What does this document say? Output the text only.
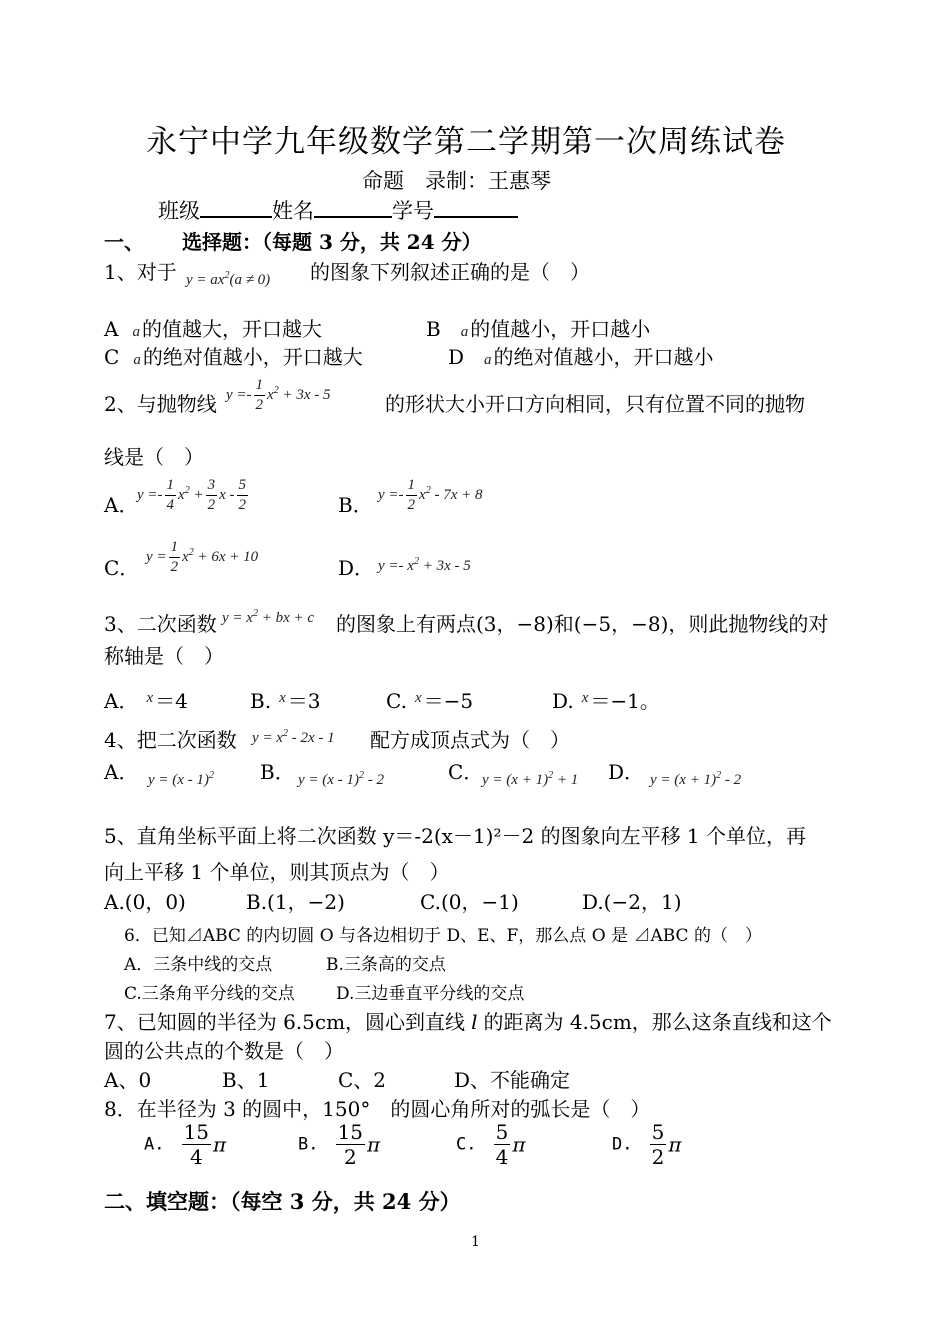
永宁中学九年级数学第二学期第一次周练试卷
命题　录制：王惠琴
班级	姓名	学号
一、 选择题：（每题 3 分，共 24 分）
1、对于 $y = ax^2(a \ne 0)$ 的图象下列叙述正确的是（　）
A a 的值越大，开口越大	B a 的值越小，开口越小
C a 的绝对值越小，开口越大	D a 的绝对值越小，开口越小
2、与抛物线 $y =- \frac{1}{2} x^2 + 3x - 5$	的形状大小开口方向相同，只有位置不同的抛物
线是（　）
A．
$y =- \frac{1}{4} x^2 + \frac{3}{2}$ x - $\frac{5}{2}$	B． $y =- \frac{1}{2} x^2 - 7x + 8$
C． $y = \frac{1}{2} x^2 + 6x + 10$	D． $y =- x^2 + 3x - 5$
3、二次函数 $y = x^2$ + bx + c 的图象上有两点(3，−8)和(−5，−8)，则此抛物线的对
称轴是（　）
A． $^x$ ＝4	B. $^x$ ＝3	C. $^x$ ＝−5	D. $^x$ ＝−1。
4、把二次函数 $y = x^2 - 2x - 1$ 配方成顶点式为（　）
A． y = (x - 1)$^2$ B． y = (x - 1)$^2$ - 2	C．
$y = (x + 1)^2 + 1$ D． $y = (x + 1)^2 - 2$
5、直角坐标平面上将二次函数 y＝-2(x－1)²－2 的图象向左平移 1 个单位，再
向上平移 1 个单位，则其顶点为（　）
A.(0，0)	B.(1，−2)	C.(0，−1)	D.(−2，1)
6．已知⊿ABC 的内切圆 O 与各边相切于 D、E、F，那么点 O 是 ⊿ABC 的（　）
A．三条中线的交点	B.三条高的交点
C.三条角平分线的交点 D.三边垂直平分线的交点
7、已知圆的半径为 6.5cm，圆心到直线 l 的距离为 4.5cm，那么这条直线和这个
圆的公共点的个数是（　）
A、0	B、1	C、2	D、不能确定
8．在半径为 3 的圆中，150°　的圆心角所对的弧长是（　）
A. $\frac{15}{4}$ π	B. $\frac{15}{2}$ π	C. $\frac{5}{4}$ π	D. $\frac{5}{2}$ π
二、填空题：（每空 3 分，共 24 分）
1
